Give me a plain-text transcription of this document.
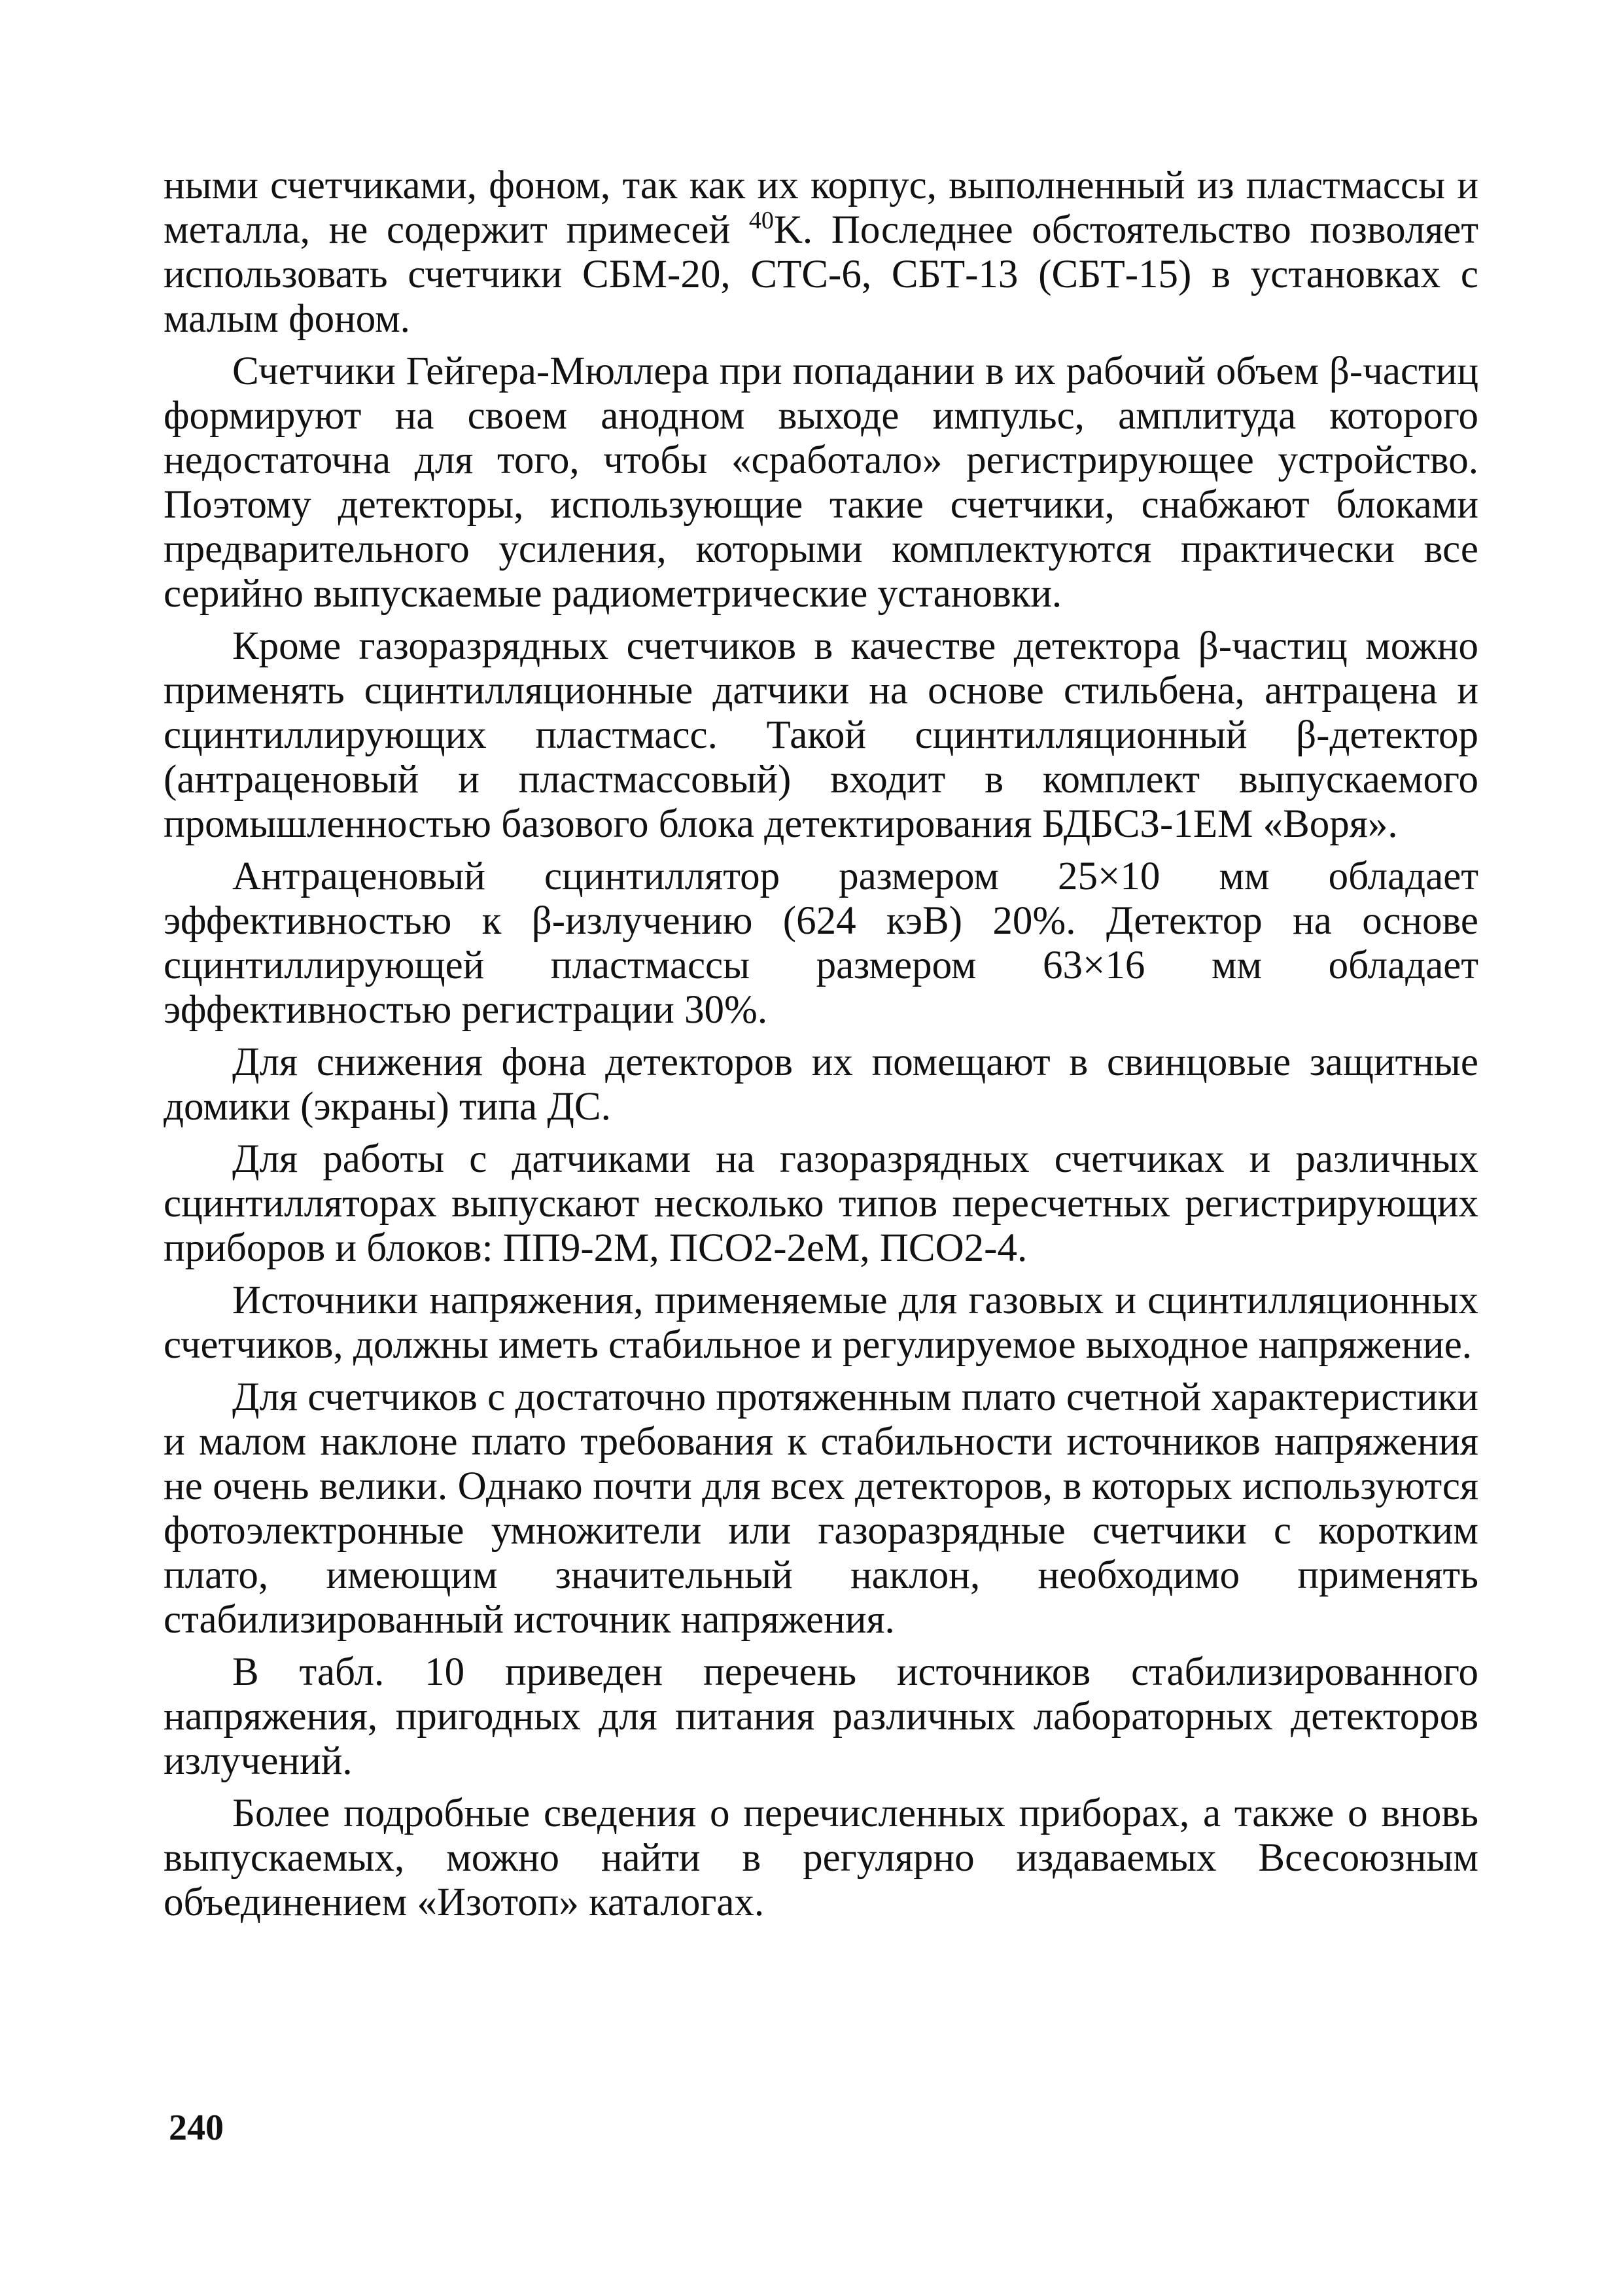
ными счетчиками, фоном, так как их корпус, выполненный из пластмассы и металла, не содержит примесей $^{40}$K. Последнее обстоятельство позволяет использовать счетчики СБМ-20, СТС-6, СБТ-13 (СБТ-15) в установках с малым фоном.

Счетчики Гейгера-Мюллера при попадании в их рабочий объем β-частиц формируют на своем анодном выходе импульс, амплитуда которого недостаточна для того, чтобы «сработало» регистрирующее устройство. Поэтому детекторы, использующие такие счетчики, снабжают блоками предварительного усиления, которыми комплектуются практически все серийно выпускаемые радиометрические установки.

Кроме газоразрядных счетчиков в качестве детектора β-частиц можно применять сцинтилляционные датчики на основе стильбена, антрацена и сцинтиллирующих пластмасс. Такой сцинтилляционный β-детектор (антраценовый и пластмассовый) входит в комплект выпускаемого промышленностью базового блока детектирования БДБСЗ-1ЕМ «Воря».

Антраценовый сцинтиллятор размером 25×10 мм обладает эффективностью к β-излучению (624 кэВ) 20%. Детектор на основе сцинтиллирующей пластмассы размером 63×16 мм обладает эффективностью регистрации 30%.

Для снижения фона детекторов их помещают в свинцовые защитные домики (экраны) типа ДС.

Для работы с датчиками на газоразрядных счетчиках и различных сцинтилляторах выпускают несколько типов пересчетных регистрирующих приборов и блоков: ПП9-2М, ПСО2-2еМ, ПСО2-4.

Источники напряжения, применяемые для газовых и сцинтилляционных счетчиков, должны иметь стабильное и регулируемое выходное напряжение.

Для счетчиков с достаточно протяженным плато счетной характеристики и малом наклоне плато требования к стабильности источников напряжения не очень велики. Однако почти для всех детекторов, в которых используются фотоэлектронные умножители или газоразрядные счетчики с коротким плато, имеющим значительный наклон, необходимо применять стабилизированный источник напряжения.

В табл. 10 приведен перечень источников стабилизированного напряжения, пригодных для питания различных лабораторных детекторов излучений.

Более подробные сведения о перечисленных приборах, а также о вновь выпускаемых, можно найти в регулярно издаваемых Всесоюзным объединением «Изотоп» каталогах.

240
